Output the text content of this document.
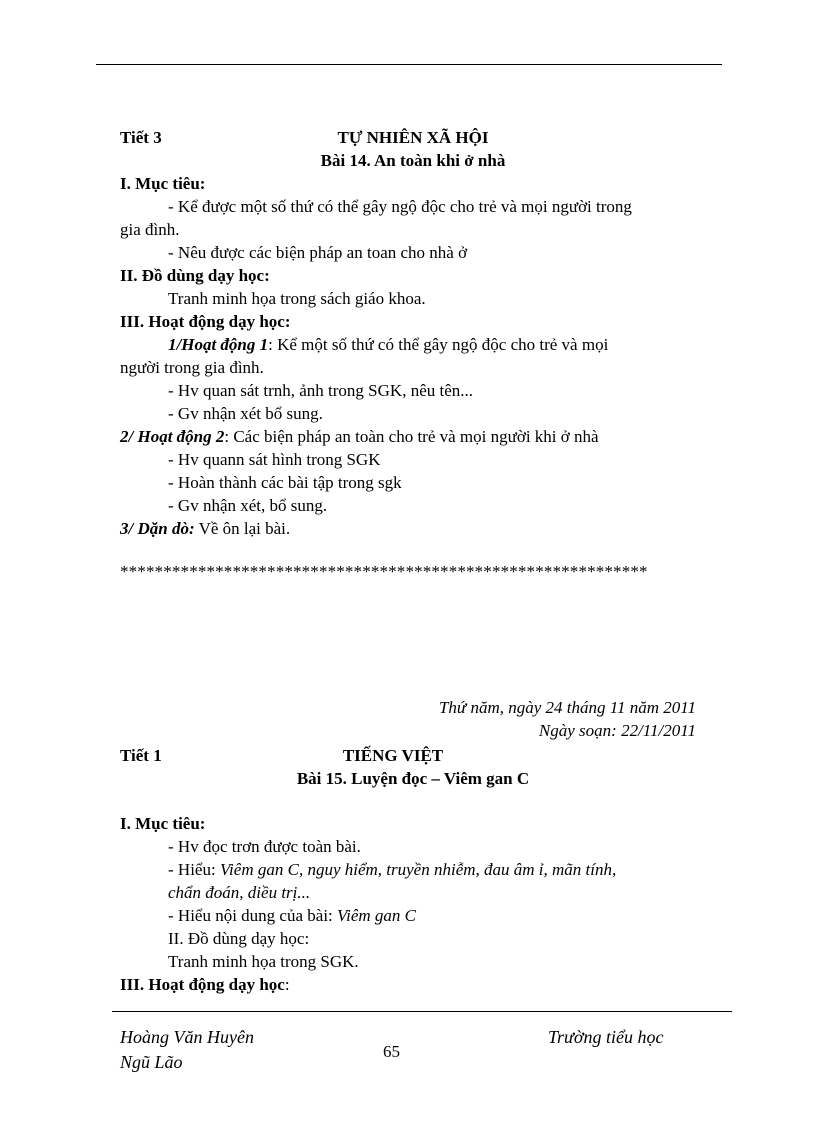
Tiết 3	TỰ NHIÊN XÃ HỘI
Bài 14. An toàn khi ở nhà
I. Mục tiêu:
- Kể được một số thứ có thể gây ngộ độc cho trẻ và mọi người trong
gia đình.
- Nêu được các biện pháp an toan cho nhà ở
II. Đồ dùng dạy học:
Tranh minh họa trong sách giáo khoa.
III. Hoạt động dạy học:
1/Hoạt động 1: Kể một số thứ có thể gây ngộ độc cho trẻ và mọi
người trong gia đình.
- Hv quan sát trnh, ảnh trong SGK, nêu tên...
- Gv nhận xét bổ sung.
2/ Hoạt động 2: Các biện pháp an toàn cho trẻ và mọi người khi ở nhà
- Hv quann sát hình trong SGK
- Hoàn thành các bài tập trong sgk
- Gv nhận xét, bổ sung.
3/ Dặn dò: Về ôn lại bài.
*************************************************************
Thứ năm, ngày 24 tháng 11 năm 2011
Ngày soạn: 22/11/2011
Tiết 1	TIẾNG VIỆT
Bài 15. Luyện đọc – Viêm gan C
I. Mục tiêu:
- Hv đọc trơn được toàn bài.
- Hiểu: Viêm gan C, nguy hiểm, truyền nhiễm, đau âm ỉ, mãn tính,
chẩn đoán, diều trị...
- Hiểu nội dung của bài: Viêm gan C
II. Đồ dùng dạy học:
Tranh minh họa trong SGK.
III. Hoạt động dạy học:
Hoàng Văn Huyên
Ngũ Lão
65
Trường tiểu học
